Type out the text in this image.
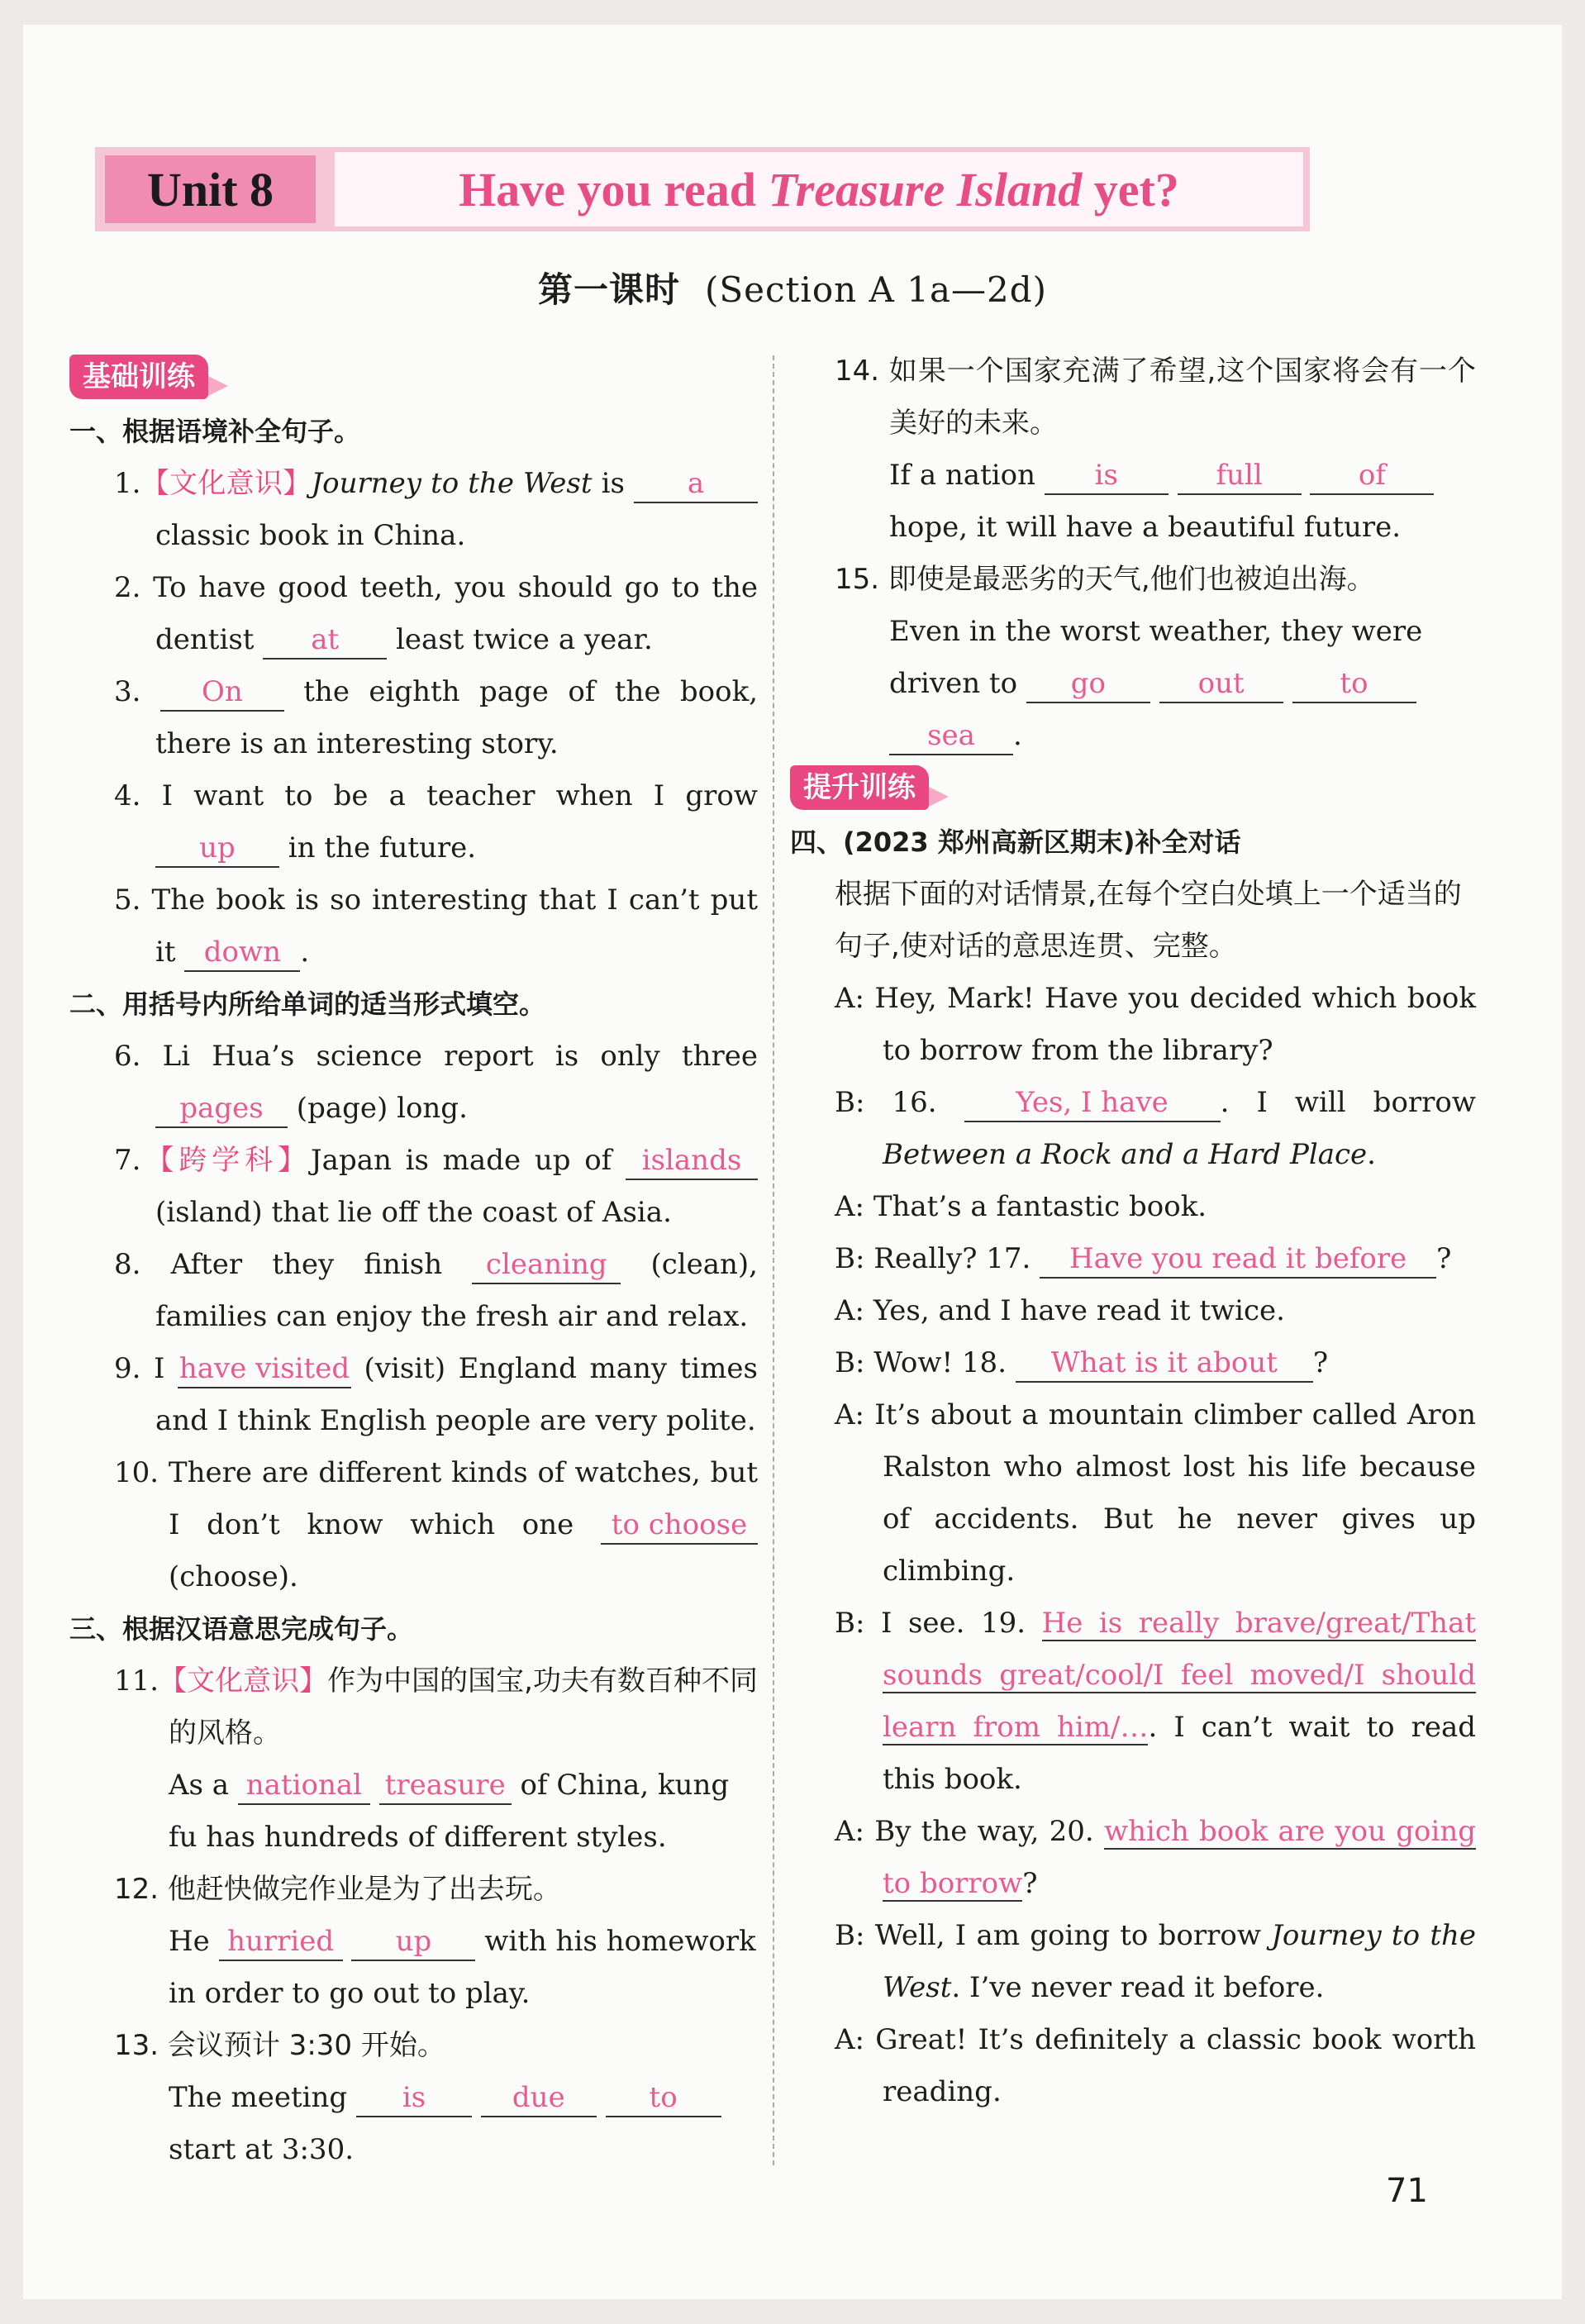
Unit 8	Have you read Treasure Island yet?
第一课时 (Section A 1a—2d)
基础训练
一、根据语境补全句子。
1.【文化意识】Journey to the West is a classic book in China.
2. To have good teeth, you should go to the dentist at least twice a year.
3. On the eighth page of the book, there is an interesting story.
4. I want to be a teacher when I grow up in the future.
5. The book is so interesting that I can’t put it down .
二、用括号内所给单词的适当形式填空。
6. Li Hua’s science report is only three pages (page) long.
7.【跨学科】Japan is made up of islands (island) that lie off the coast of Asia.
8. After they finish cleaning (clean), families can enjoy the fresh air and relax.
9. I have visited (visit) England many times and I think English people are very polite.
10. There are different kinds of watches, but I don’t know which one to choose (choose).
三、根据汉语意思完成句子。
11.【文化意识】作为中国的国宝,功夫有数百种不同的风格。
As a national treasure of China, kung fu has hundreds of different styles.
12. 他赶快做完作业是为了出去玩。
He hurried up with his homework in order to go out to play.
13. 会议预计 3:30 开始。
The meeting is	due	to start at 3:30.
14. 如果一个国家充满了希望,这个国家将会有一个美好的未来。
If a nation is	full	of hope, it will have a beautiful future.
15. 即使是最恶劣的天气,他们也被迫出海。
Even in the worst weather, they were driven to go	out	to sea .
提升训练
四、(2023 郑州高新区期末)补全对话
根据下面的对话情景,在每个空白处填上一个适当的句子,使对话的意思连贯、完整。
A: Hey, Mark! Have you decided which book to borrow from the library?
B: 16. Yes, I have . I will borrow Between a Rock and a Hard Place.
A: That’s a fantastic book.
B: Really? 17. Have you read it before ?
A: Yes, and I have read it twice.
B: Wow! 18. What is it about ?
A: It’s about a mountain climber called Aron Ralston who almost lost his life because of accidents. But he never gives up climbing.
B: I see. 19. He is really brave/great/That sounds great/cool/I feel moved/I should learn from him/…. I can’t wait to read this book.
A: By the way, 20. which book are you going to borrow?
B: Well, I am going to borrow Journey to the West. I’ve never read it before.
A: Great! It’s definitely a classic book worth reading.
71
